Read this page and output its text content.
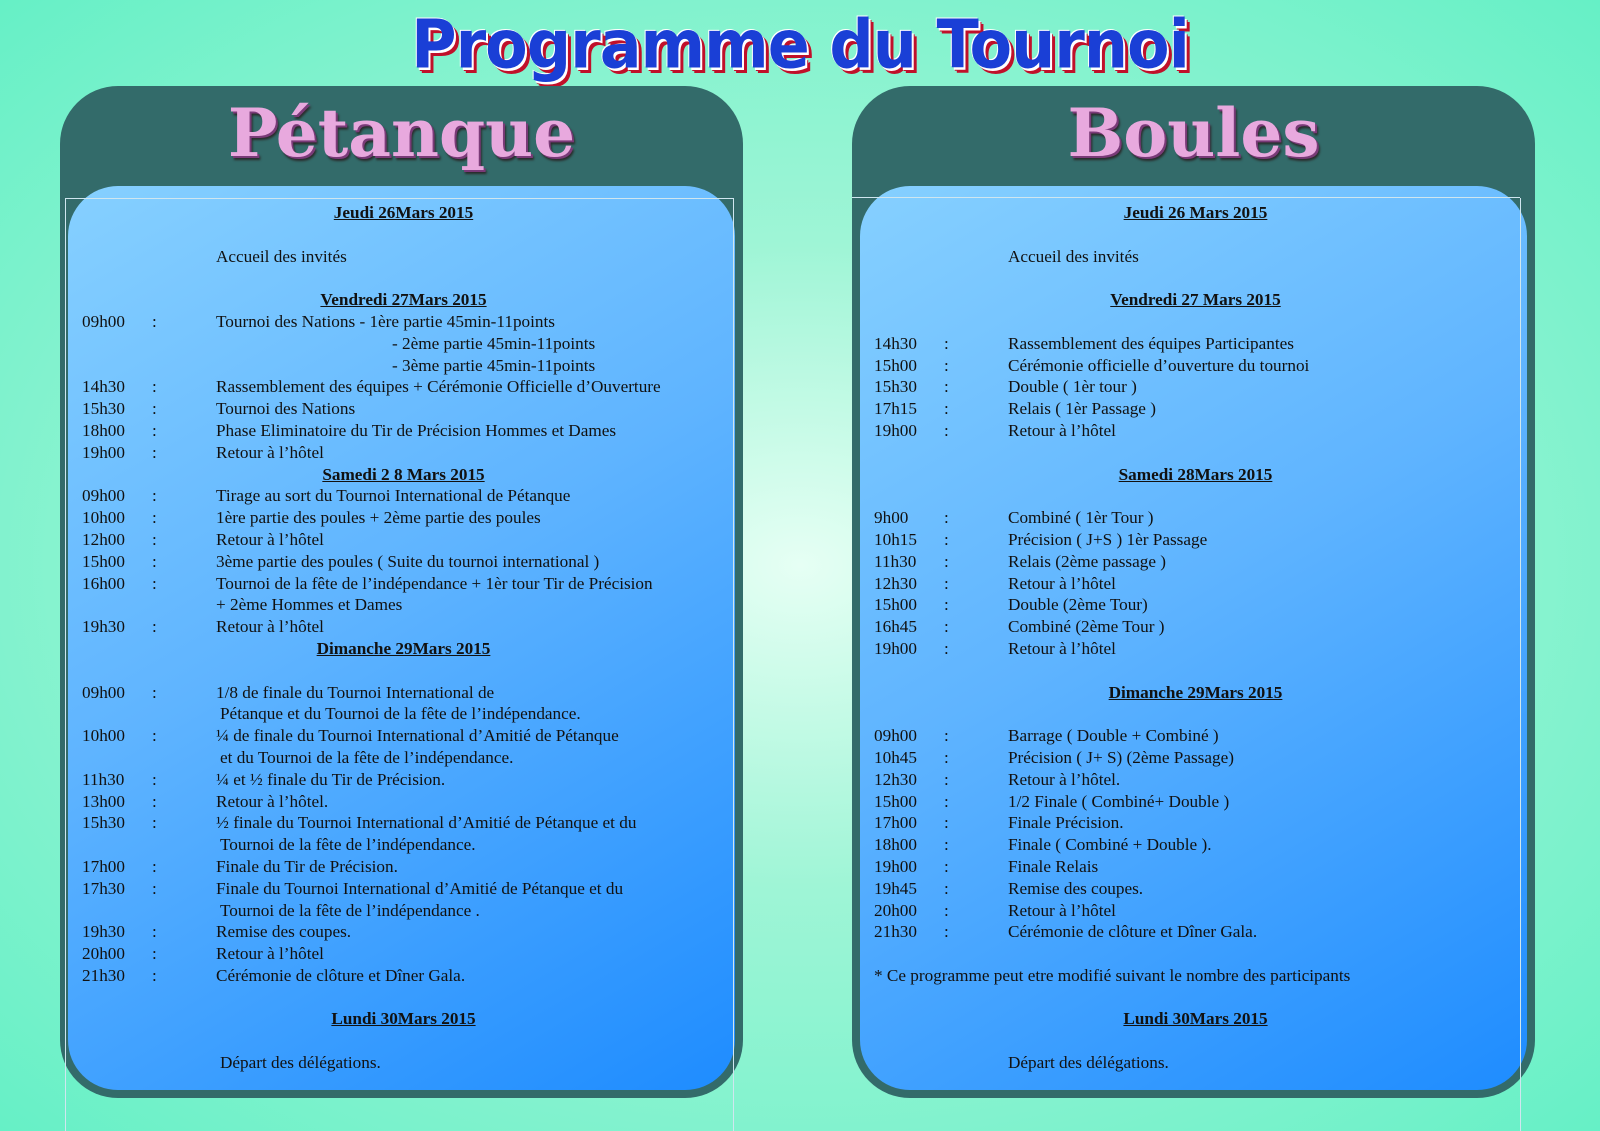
Programme du Tournoi
Pétanque
Jeudi 26Mars 2015
Accueil des invités
Vendredi 27Mars 2015
09h00	:	Tournoi des Nations - 1ère partie 45min-11points
- 2ème partie 45min-11points
- 3ème partie 45min-11points
14h30	:	Rassemblement des équipes + Cérémonie Officielle d’Ouverture
15h30	:	Tournoi des Nations
18h00	:	Phase Eliminatoire du Tir de Précision Hommes et Dames
19h00	:	Retour à l’hôtel
Samedi 2 8 Mars 2015
09h00	:	Tirage au sort du Tournoi International de Pétanque
10h00	:	1ère partie des poules + 2ème partie des poules
12h00	:	Retour à l’hôtel
15h00	:	3ème partie des poules ( Suite du tournoi international )
16h00	:	Tournoi de la fête de l’indépendance + 1èr tour Tir de Précision
+ 2ème Hommes et Dames
19h30	:	Retour à l’hôtel
Dimanche 29Mars 2015
09h00	:	1/8 de finale du Tournoi International de
Pétanque et du Tournoi de la fête de l’indépendance.
10h00	:	¼ de finale du Tournoi International d’Amitié de Pétanque
et du Tournoi de la fête de l’indépendance.
11h30	:	¼ et ½ finale du Tir de Précision.
13h00	:	Retour à l’hôtel.
15h30	:	½ finale du Tournoi International d’Amitié de Pétanque et du
Tournoi de la fête de l’indépendance.
17h00	:	Finale du Tir de Précision.
17h30	:	Finale du Tournoi International d’Amitié de Pétanque et du
Tournoi de la fête de l’indépendance .
19h30	:	Remise des coupes.
20h00	:	Retour à l’hôtel
21h30	:	Cérémonie de clôture et Dîner Gala.
Lundi 30Mars 2015
Départ des délégations.
Boules
Jeudi 26 Mars 2015
Accueil des invités
Vendredi 27 Mars 2015
14h30	:	Rassemblement des équipes Participantes
15h00	:	Cérémonie officielle d’ouverture du tournoi
15h30	:	Double ( 1èr tour )
17h15	:	Relais ( 1èr Passage )
19h00	:	Retour à l’hôtel
Samedi 28Mars 2015
9h00	:	Combiné ( 1èr Tour )
10h15	:	Précision ( J+S ) 1èr Passage
11h30	:	Relais (2ème passage )
12h30	:	Retour à l’hôtel
15h00	:	Double (2ème Tour)
16h45	:	Combiné (2ème Tour )
19h00	:	Retour à l’hôtel
Dimanche 29Mars 2015
09h00	:	Barrage ( Double + Combiné )
10h45	:	Précision ( J+ S) (2ème Passage)
12h30	:	Retour à l’hôtel.
15h00	:	1/2 Finale ( Combiné+ Double )
17h00	:	Finale Précision.
18h00	:	Finale ( Combiné + Double ).
19h00	:	Finale Relais
19h45	:	Remise des coupes.
20h00	:	Retour à l’hôtel
21h30	:	Cérémonie de clôture et Dîner Gala.
* Ce programme peut etre modifié suivant le nombre des participants
Lundi 30Mars 2015
Départ des délégations.
